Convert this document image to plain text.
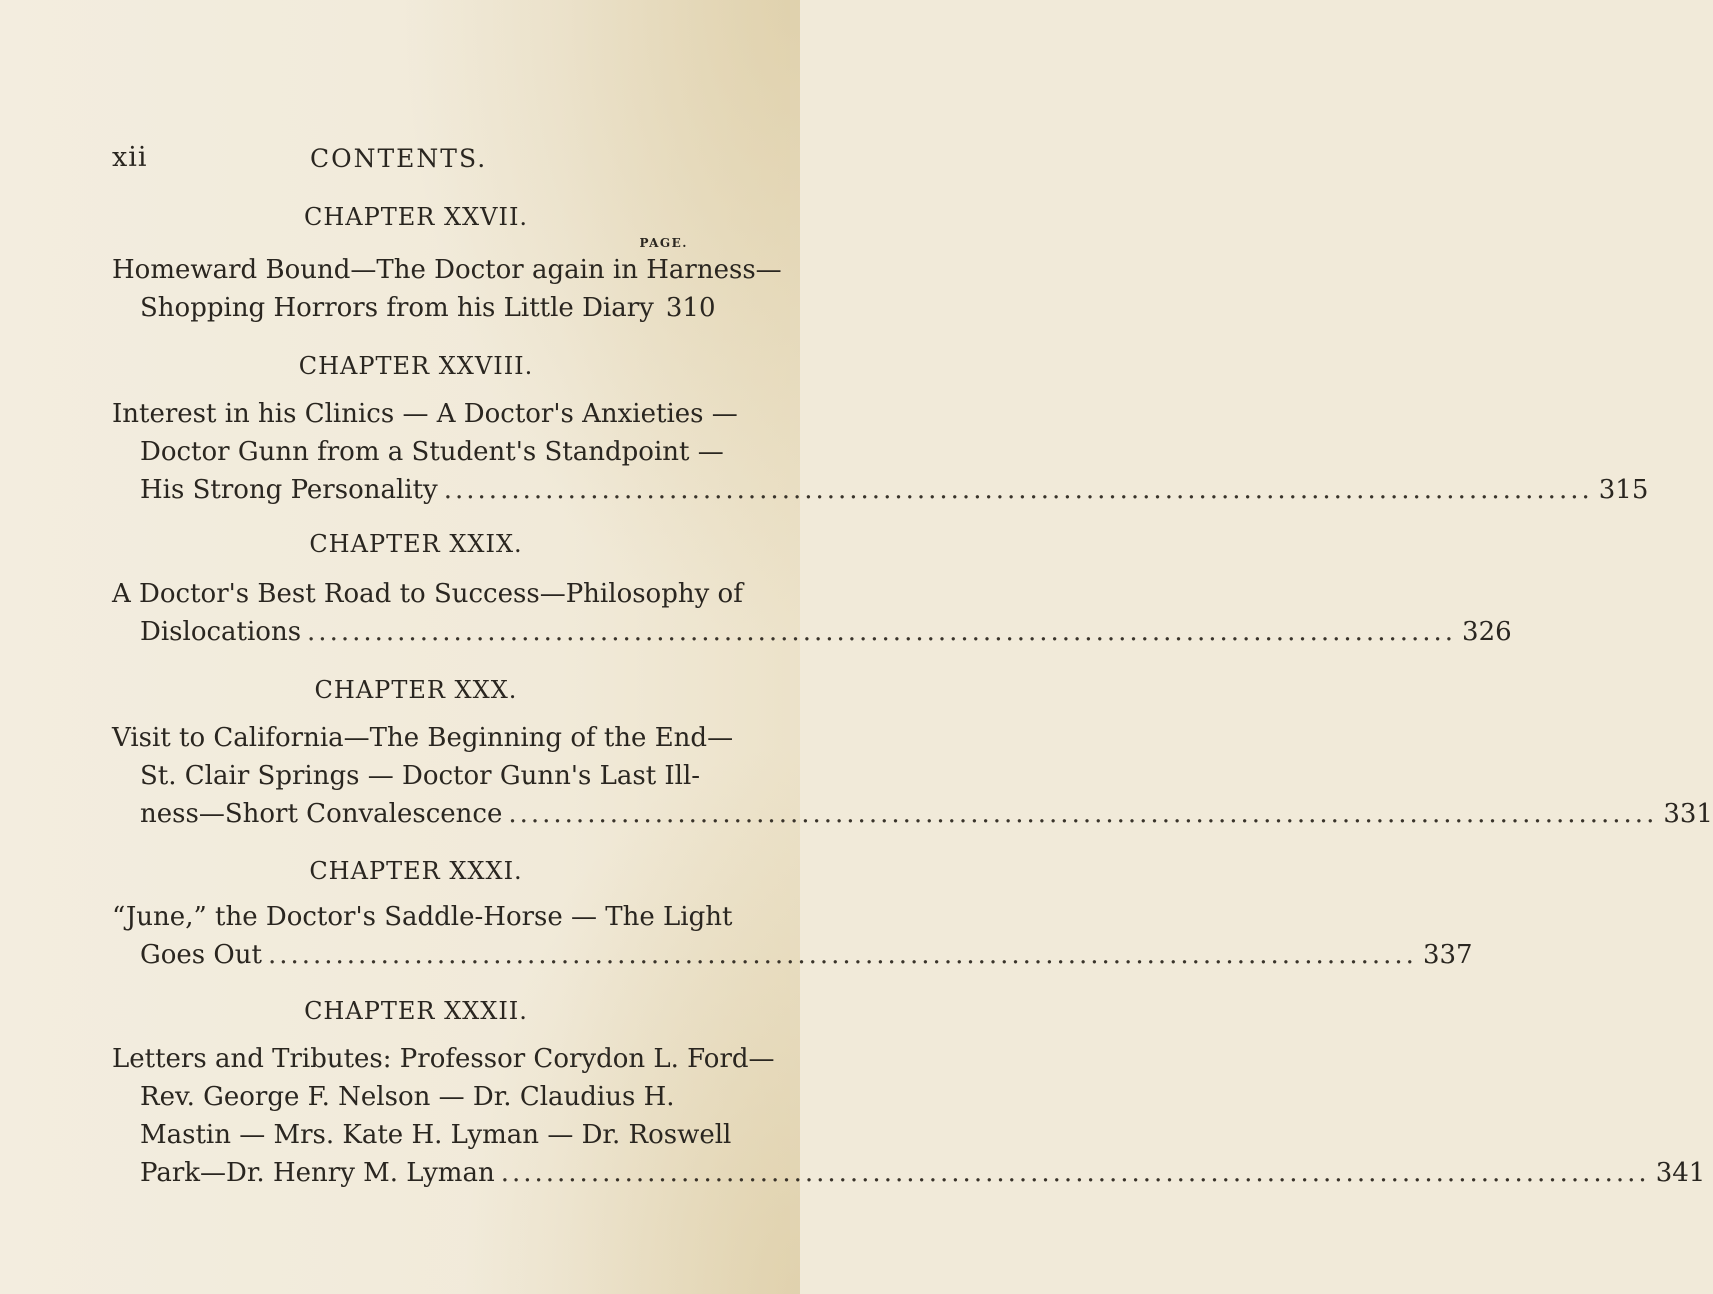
xii	CONTENTS.
CHAPTER XXVII.
PAGE.
Homeward Bound—The Doctor again in Harness—
Shopping Horrors from his Little Diary 310
CHAPTER XXVIII.
Interest in his Clinics — A Doctor's Anxieties —
Doctor Gunn from a Student's Standpoint —
His Strong Personality ...................................................................................................... 315
CHAPTER XXIX.
A Doctor's Best Road to Success—Philosophy of
Dislocations ...................................................................................................... 326
CHAPTER XXX.
Visit to California—The Beginning of the End—
St. Clair Springs — Doctor Gunn's Last Ill-
ness—Short Convalescence ...................................................................................................... 331
CHAPTER XXXI.
“June,” the Doctor's Saddle-Horse — The Light
Goes Out ...................................................................................................... 337
CHAPTER XXXII.
Letters and Tributes: Professor Corydon L. Ford—
Rev. George F. Nelson — Dr. Claudius H.
Mastin — Mrs. Kate H. Lyman — Dr. Roswell
Park—Dr. Henry M. Lyman ...................................................................................................... 341
